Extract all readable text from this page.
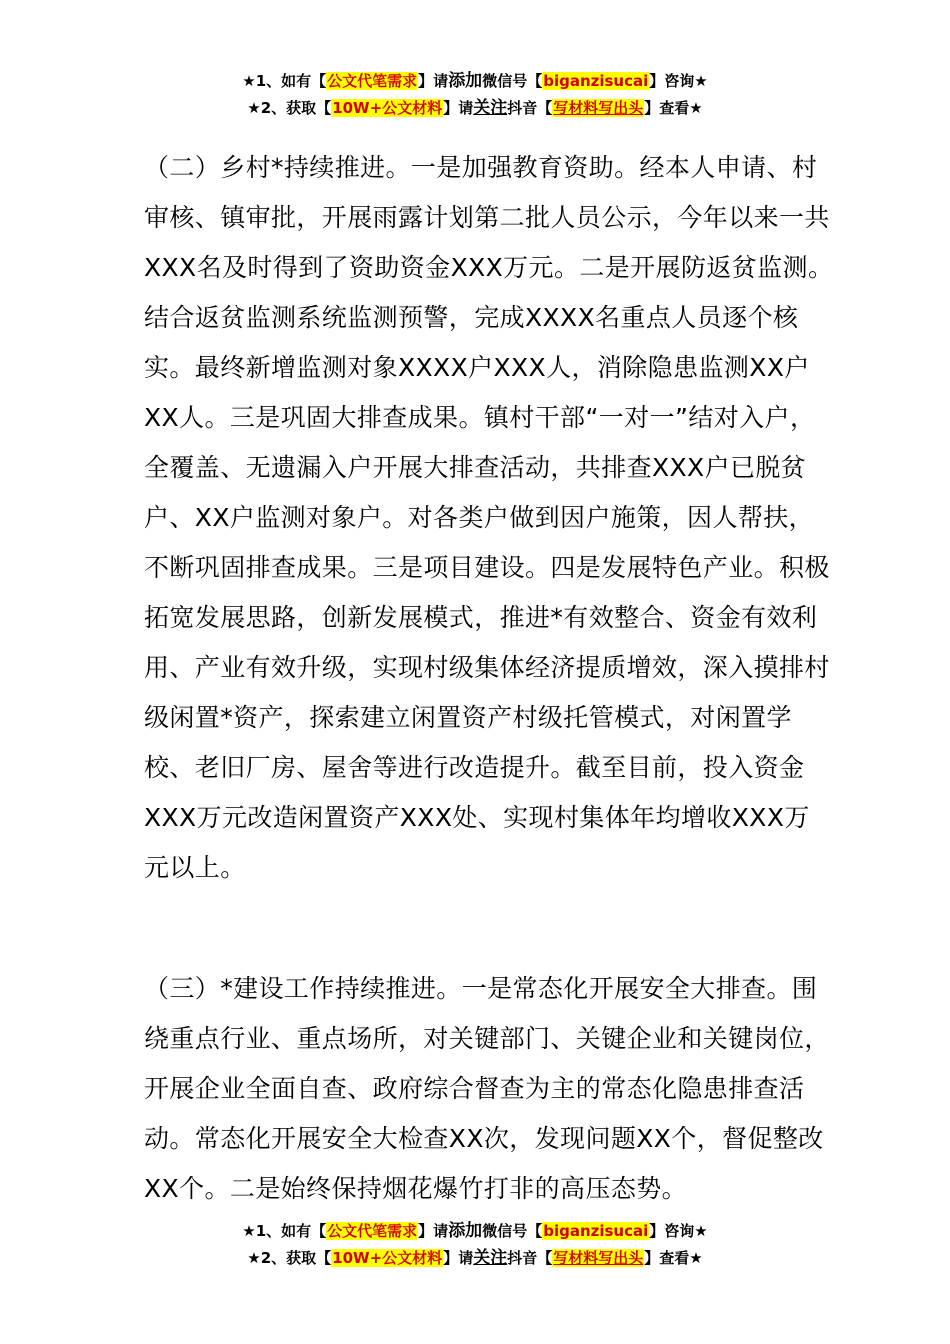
★1、如有【公文代笔需求】请添加微信号【biganzisucai】咨询★
★2、获取【10W+公文材料】请关注抖音【写材料写出头】查看★

（二）乡村*持续推进。一是加强教育资助。经本人申请、村审核、镇审批，开展雨露计划第二批人员公示，今年以来一共XXX名及时得到了资助资金XXX万元。二是开展防返贫监测。结合返贫监测系统监测预警，完成XXXX名重点人员逐个核实。最终新增监测对象XXXX户XXX人，消除隐患监测XX户XX人。三是巩固大排查成果。镇村干部“一对一”结对入户，全覆盖、无遗漏入户开展大排查活动，共排查XXX户已脱贫户、XX户监测对象户。对各类户做到因户施策，因人帮扶，不断巩固排查成果。三是项目建设。四是发展特色产业。积极拓宽发展思路，创新发展模式，推进*有效整合、资金有效利用、产业有效升级，实现村级集体经济提质增效，深入摸排村级闲置*资产，探索建立闲置资产村级托管模式，对闲置学校、老旧厂房、屋舍等进行改造提升。截至目前，投入资金XXX万元改造闲置资产XXX处、实现村集体年均增收XXX万元以上。

（三）*建设工作持续推进。一是常态化开展安全大排查。围绕重点行业、重点场所，对关键部门、关键企业和关键岗位，开展企业全面自查、政府综合督查为主的常态化隐患排查活动。常态化开展安全大检查XX次，发现问题XX个，督促整改XX个。二是始终保持烟花爆竹打非的高压态势。

★1、如有【公文代笔需求】请添加微信号【biganzisucai】咨询★
★2、获取【10W+公文材料】请关注抖音【写材料写出头】查看★
